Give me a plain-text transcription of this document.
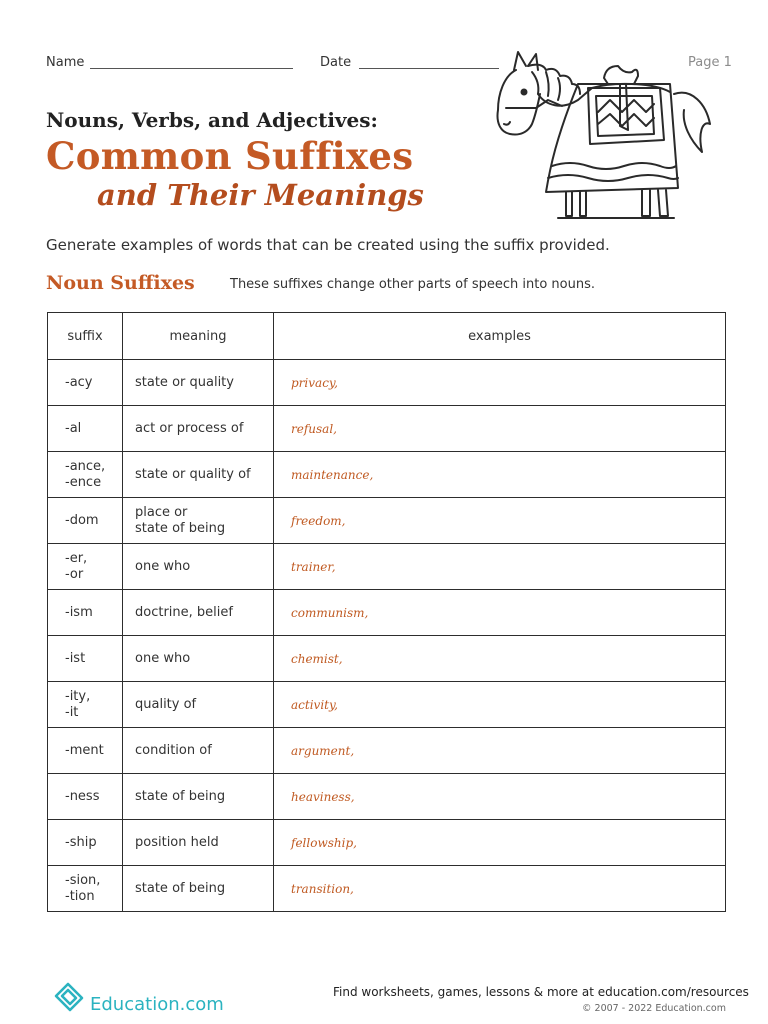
Name	Date	Page 1
Nouns, Verbs, and Adjectives:
Common Suffixes
and Their Meanings
Generate examples of words that can be created using the suffix provided.
Noun Suffixes	These suffixes change other parts of speech into nouns.
suffix	meaning	examples
-acy	state or quality	privacy,
-al	act or process of	refusal,
-ance,
-ence	state or quality of	maintenance,
-dom	place or
state of being	freedom,
-er,
-or	one who	trainer,
-ism	doctrine, belief	communism,
-ist	one who	chemist,
-ity,
-it	quality of	activity,
-ment	condition of	argument,
-ness	state of being	heaviness,
-ship	position held	fellowship,
-sion,
-tion	state of being	transition,
Education.com
Find worksheets, games, lessons & more at education.com/resources
© 2007 - 2022 Education.com
